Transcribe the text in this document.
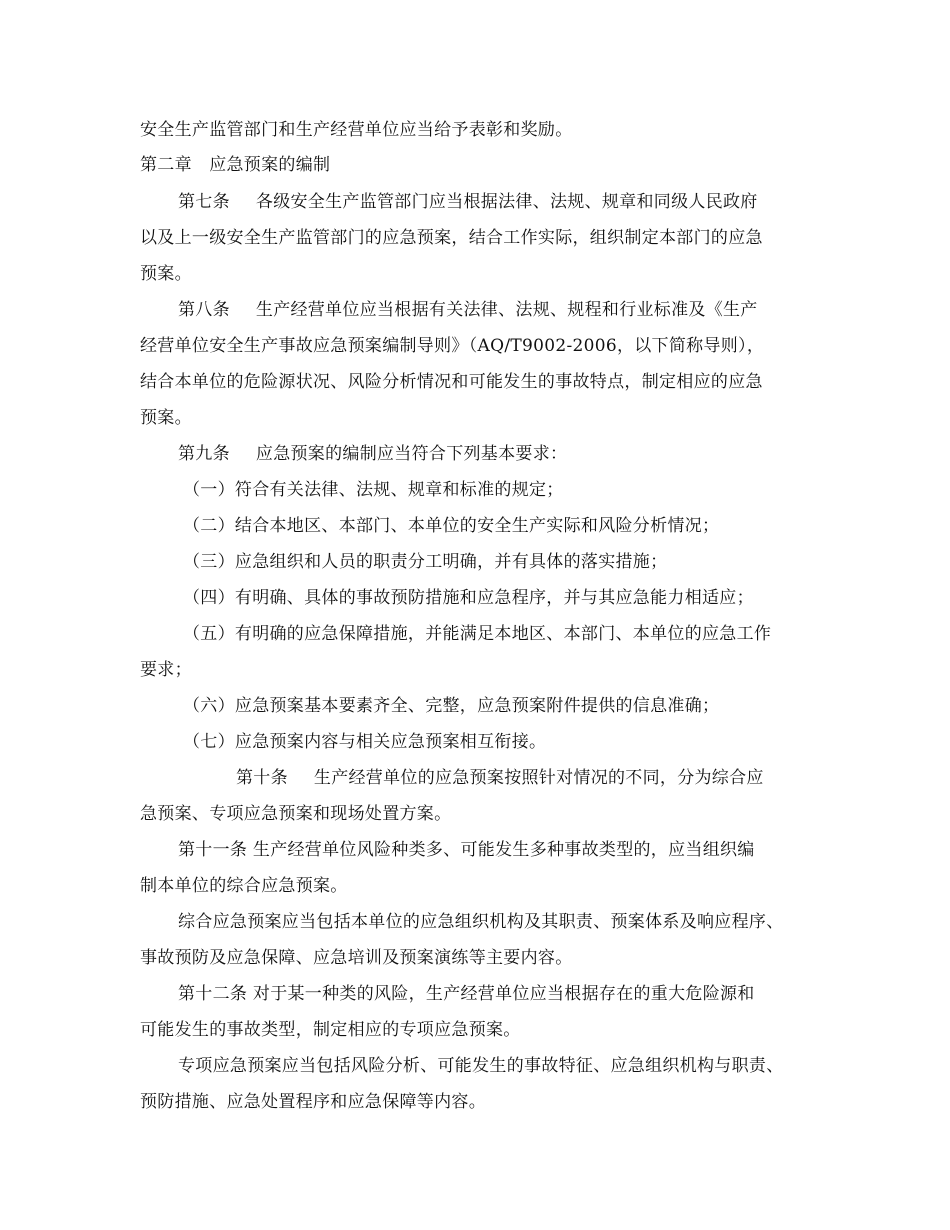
安全生产监管部门和生产经营单位应当给予表彰和奖励。
第二章　应急预案的编制
第七条 各级安全生产监管部门应当根据法律、法规、规章和同级人民政府
以及上一级安全生产监管部门的应急预案，结合工作实际，组织制定本部门的应急
预案。
第八条 生产经营单位应当根据有关法律、法规、规程和行业标准及《生产
经营单位安全生产事故应急预案编制导则》（AQ/T9002-2006，以下简称导则），
结合本单位的危险源状况、风险分析情况和可能发生的事故特点，制定相应的应急
预案。
第九条 应急预案的编制应当符合下列基本要求：
（一）符合有关法律、法规、规章和标准的规定；
（二）结合本地区、本部门、本单位的安全生产实际和风险分析情况；
（三）应急组织和人员的职责分工明确，并有具体的落实措施；
（四）有明确、具体的事故预防措施和应急程序，并与其应急能力相适应；
（五）有明确的应急保障措施，并能满足本地区、本部门、本单位的应急工作
要求；
（六）应急预案基本要素齐全、完整，应急预案附件提供的信息准确；
（七）应急预案内容与相关应急预案相互衔接。
第十条 生产经营单位的应急预案按照针对情况的不同，分为综合应
急预案、专项应急预案和现场处置方案。
第十一条 生产经营单位风险种类多、可能发生多种事故类型的，应当组织编
制本单位的综合应急预案。
综合应急预案应当包括本单位的应急组织机构及其职责、预案体系及响应程序、
事故预防及应急保障、应急培训及预案演练等主要内容。
第十二条 对于某一种类的风险，生产经营单位应当根据存在的重大危险源和
可能发生的事故类型，制定相应的专项应急预案。
专项应急预案应当包括风险分析、可能发生的事故特征、应急组织机构与职责、
预防措施、应急处置程序和应急保障等内容。
